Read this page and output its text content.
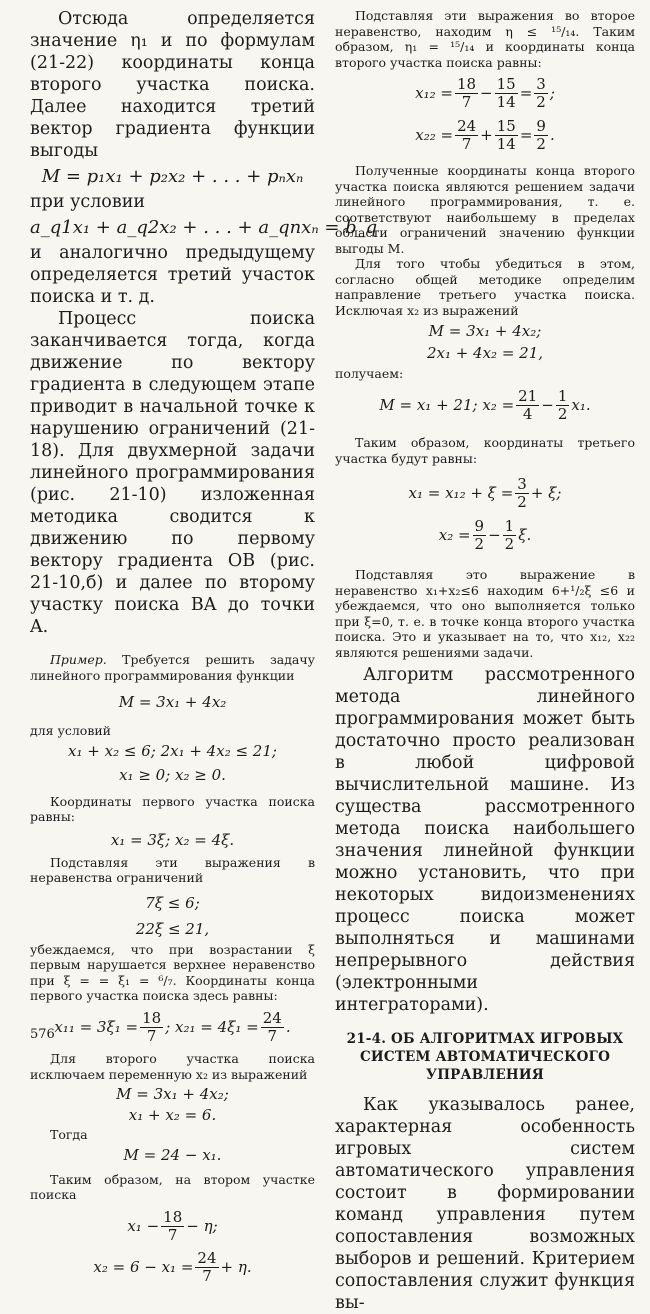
Отсюда определяется значение η₁ и по формулам (21-22) координаты конца второго участка поиска. Далее находится третий вектор градиента функции выгоды

M = p₁x₁ + p₂x₂ + . . . + pₙxₙ

при условии

a_q1x₁ + a_q2x₂ + . . . + a_qnxₙ = b_q

и аналогично предыдущему определяется третий участок поиска и т. д.

Процесс поиска заканчивается тогда, когда движение по вектору градиента в следующем этапе приводит в начальной точке к нарушению ограничений (21-18). Для двухмерной задачи линейного программирования (рис. 21-10) изложенная методика сводится к движению по первому вектору градиента OB (рис. 21-10,б) и далее по второму участку поиска BA до точки A.

Пример. Требуется решить задачу линейного программирования функции

M = 3x₁ + 4x₂

для условий

x₁ + x₂ ≤ 6; 2x₁ + 4x₂ ≤ 21;

x₁ ≥ 0; x₂ ≥ 0.

Координаты первого участка поиска равны:

x₁ = 3ξ; x₂ = 4ξ.

Подставляя эти выражения в неравенства ограничений

7ξ ≤ 6;

22ξ ≤ 21,

убеждаемся, что при возрастании ξ первым нарушается верхнее неравенство при ξ = = ξ₁ = ⁶/₇. Координаты конца первого участка поиска здесь равны:

$x_{11} = 3\xi_1 = \frac{18}{7}$ ; $x_{21} = 4\xi_1 = \frac{24}{7}$ .

Для второго участка поиска исключаем переменную x₂ из выражений

M = 3x₁ + 4x₂;

x₁ + x₂ = 6.

Тогда

M = 24 − x₁.

Таким образом, на втором участке поиска

$x_1 - \frac{18}{7} - \eta$;

$x_2 = 6 - x_1 = \frac{24}{7} + \eta$.

Подставляя эти выражения во второе неравенство, находим η ≤ ¹⁵/₁₄. Таким образом, η₁ = ¹⁵/₁₄ и координаты конца второго участка поиска равны:

$x_{12} = \frac{18}{7} - \frac{15}{14} = \frac{3}{2}$ ;

$x_{22} = \frac{24}{7} + \frac{15}{14} = \frac{9}{2}$ .

Полученные координаты конца второго участка поиска являются решением задачи линейного программирования, т. е. соответствуют наибольшему в пределах области ограничений значению функции выгоды M.

Для того чтобы убедиться в этом, согласно общей методике определим направление третьего участка поиска. Исключая x₂ из выражений

M = 3x₁ + 4x₂;

2x₁ + 4x₂ = 21,

получаем:

M = x₁ + 21; $x_2 = \frac{21}{4} - \frac{1}{2} x_1$.

Таким образом, координаты третьего участка будут равны:

$x_1 = x_{12} + \xi = \frac{3}{2} + \xi$;

$x_2 = \frac{9}{2} - \frac{1}{2} \xi$.

Подставляя это выражение в неравенство x₁+x₂≤6 находим 6+¹/₂ξ ≤6 и убеждаемся, что оно выполняется только при ξ=0, т. е. в точке конца второго участка поиска. Это и указывает на то, что x₁₂, x₂₂ являются решениями задачи.

Алгоритм рассмотренного метода линейного программирования может быть достаточно просто реализован в любой цифровой вычислительной машине. Из существа рассмотренного метода поиска наибольшего значения линейной функции можно установить, что при некоторых видоизменениях процесс поиска может выполняться и машинами непрерывного действия (электронными интеграторами).

21-4. ОБ АЛГОРИТМАХ ИГРОВЫХ СИСТЕМ АВТОМАТИЧЕСКОГО УПРАВЛЕНИЯ

Как указывалось ранее, характерная особенность игровых систем автоматического управления состоит в формировании команд управления путем сопоставления возможных выборов и решений. Критерием сопоставления служит функция вы-

576
